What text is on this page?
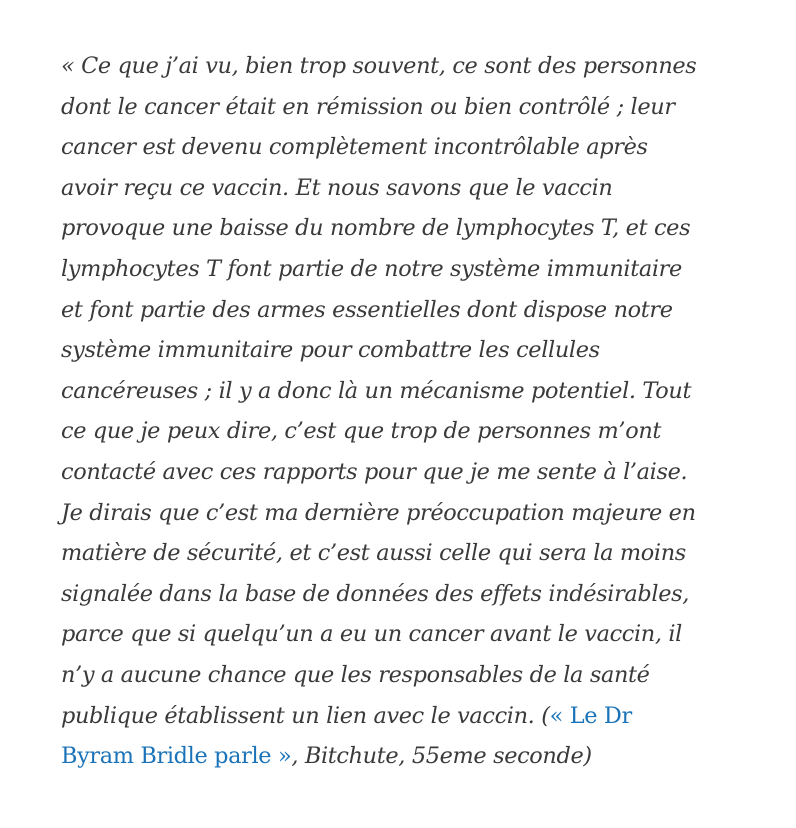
« Ce que j’ai vu, bien trop souvent, ce sont des personnes
dont le cancer était en rémission ou bien contrôlé ; leur
cancer est devenu complètement incontrôlable après
avoir reçu ce vaccin. Et nous savons que le vaccin
provoque une baisse du nombre de lymphocytes T, et ces
lymphocytes T font partie de notre système immunitaire
et font partie des armes essentielles dont dispose notre
système immunitaire pour combattre les cellules
cancéreuses ; il y a donc là un mécanisme potentiel. Tout
ce que je peux dire, c’est que trop de personnes m’ont
contacté avec ces rapports pour que je me sente à l’aise.
Je dirais que c’est ma dernière préoccupation majeure en
matière de sécurité, et c’est aussi celle qui sera la moins
signalée dans la base de données des effets indésirables,
parce que si quelqu’un a eu un cancer avant le vaccin, il
n’y a aucune chance que les responsables de la santé
publique établissent un lien avec le vaccin. (« Le Dr
Byram Bridle parle », Bitchute, 55eme seconde)
